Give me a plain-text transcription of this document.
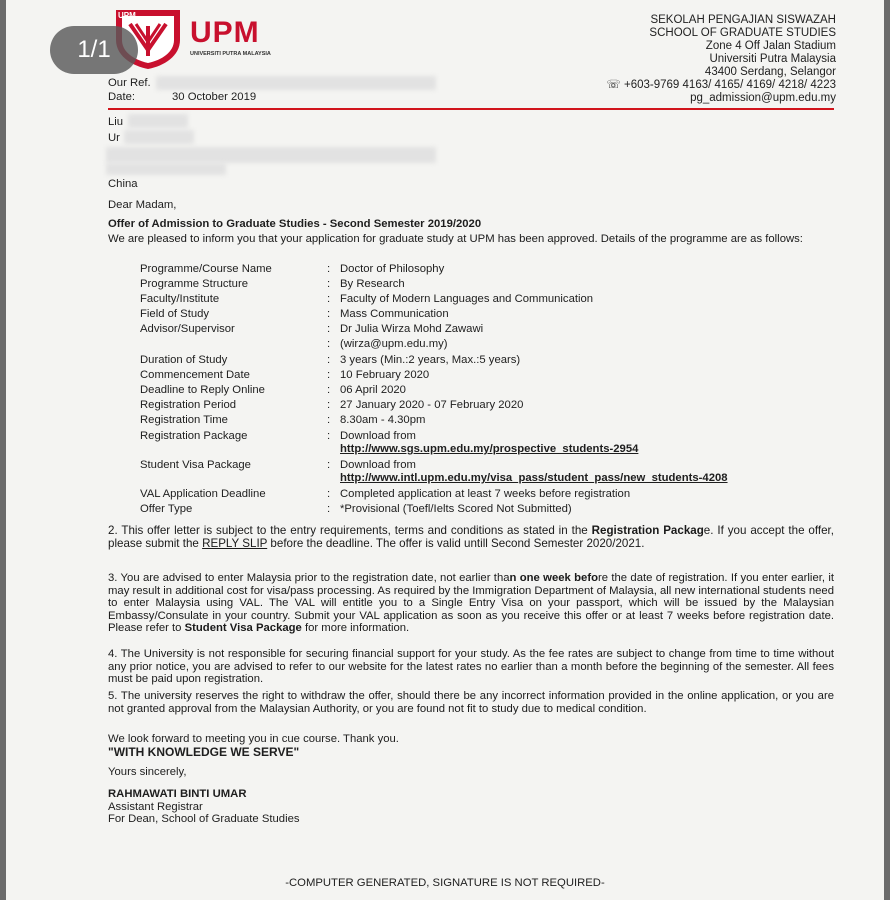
UPM
UPM
UNIVERSITI PUTRA MALAYSIA
SEKOLAH PENGAJIAN SISWAZAH
SCHOOL OF GRADUATE STUDIES
Zone 4 Off Jalan Stadium
Universiti Putra Malaysia
43400 Serdang, Selangor
☏ +603-9769 4163/ 4165/ 4169/ 4218/ 4223
pg_admission@upm.edu.my
Our Ref.
Date:	30 October 2019
Liu
Ur
China
Dear Madam,
Offer of Admission to Graduate Studies - Second Semester 2019/2020
We are pleased to inform you that your application for graduate study at UPM has been approved. Details of the programme are as follows:
Programme/Course Name	: Doctor of Philosophy
Programme Structure	: By Research
Faculty/Institute	: Faculty of Modern Languages and Communication
Field of Study	: Mass Communication
Advisor/Supervisor	: Dr Julia Wirza Mohd Zawawi
: (wirza@upm.edu.my)
Duration of Study	: 3 years (Min.:2 years, Max.:5 years)
Commencement Date	: 10 February 2020
Deadline to Reply Online	: 06 April 2020
Registration Period	: 27 January 2020 - 07 February 2020
Registration Time	: 8.30am - 4.30pm
Registration Package	: Download from
http://www.sgs.upm.edu.my/prospective_students-2954
Student Visa Package	: Download from
http://www.intl.upm.edu.my/visa_pass/student_pass/new_students-4208
VAL Application Deadline	: Completed application at least 7 weeks before registration
Offer Type	: *Provisional (Toefl/Ielts Scored Not Submitted)
2. This offer letter is subject to the entry requirements, terms and conditions as stated in the Registration Package. If you accept the offer, please submit the REPLY SLIP before the deadline. The offer is valid untill Second Semester 2020/2021.
3. You are advised to enter Malaysia prior to the registration date, not earlier than one week before the date of registration. If you enter earlier, it may result in additional cost for visa/pass processing. As required by the Immigration Department of Malaysia, all new international students need to enter Malaysia using VAL. The VAL will entitle you to a Single Entry Visa on your passport, which will be issued by the Malaysian Embassy/Consulate in your country. Submit your VAL application as soon as you receive this offer or at least 7 weeks before registration date. Please refer to Student Visa Package for more information.
4. The University is not responsible for securing financial support for your study. As the fee rates are subject to change from time to time without any prior notice, you are advised to refer to our website for the latest rates no earlier than a month before the beginning of the semester. All fees must be paid upon registration.
5. The university reserves the right to withdraw the offer, should there be any incorrect information provided in the online application, or you are not granted approval from the Malaysian Authority, or you are found not fit to study due to medical condition.
We look forward to meeting you in cue course. Thank you.
"WITH KNOWLEDGE WE SERVE"
Yours sincerely,
RAHMAWATI BINTI UMAR
Assistant Registrar
For Dean, School of Graduate Studies
-COMPUTER GENERATED, SIGNATURE IS NOT REQUIRED-
1/1
